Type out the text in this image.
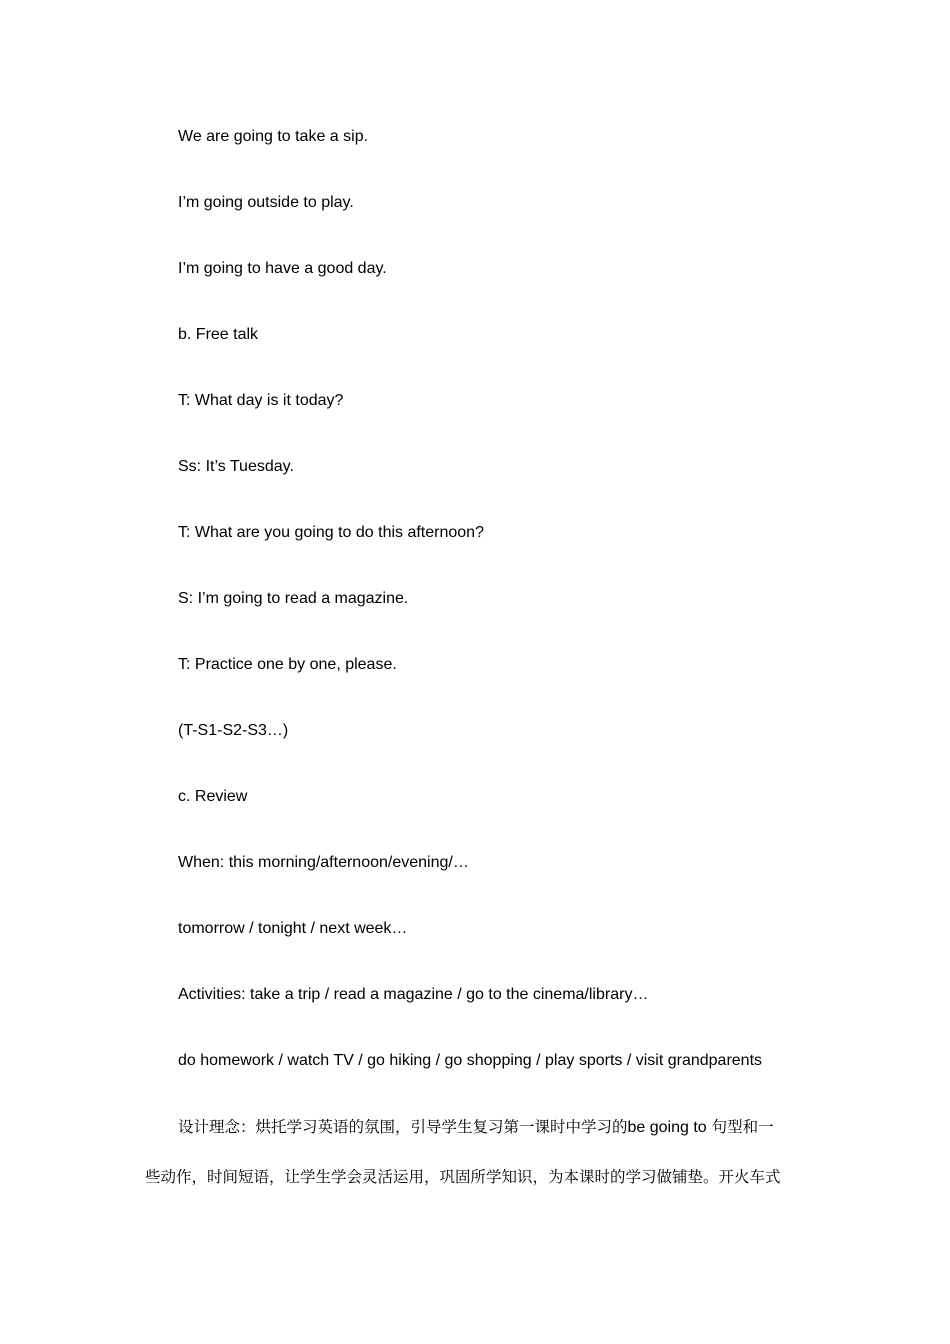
We are going to take a sip.
I’m going outside to play.
I’m going to have a good day.
b. Free talk
T: What day is it today?
Ss: It’s Tuesday.
T: What are you going to do this afternoon?
S: I’m going to read a magazine.
T: Practice one by one, please.
(T-S1-S2-S3…)
c. Review
When: this morning/afternoon/evening/…
tomorrow / tonight / next week…
Activities: take a trip / read a magazine / go to the cinema/library…
do homework / watch TV / go hiking / go shopping / play sports / visit grandparents
设计理念：烘托学习英语的氛围，引导学生复习第一课时中学习的be going to 句型和一
些动作，时间短语，让学生学会灵活运用，巩固所学知识，为本课时的学习做铺垫。开火车式
